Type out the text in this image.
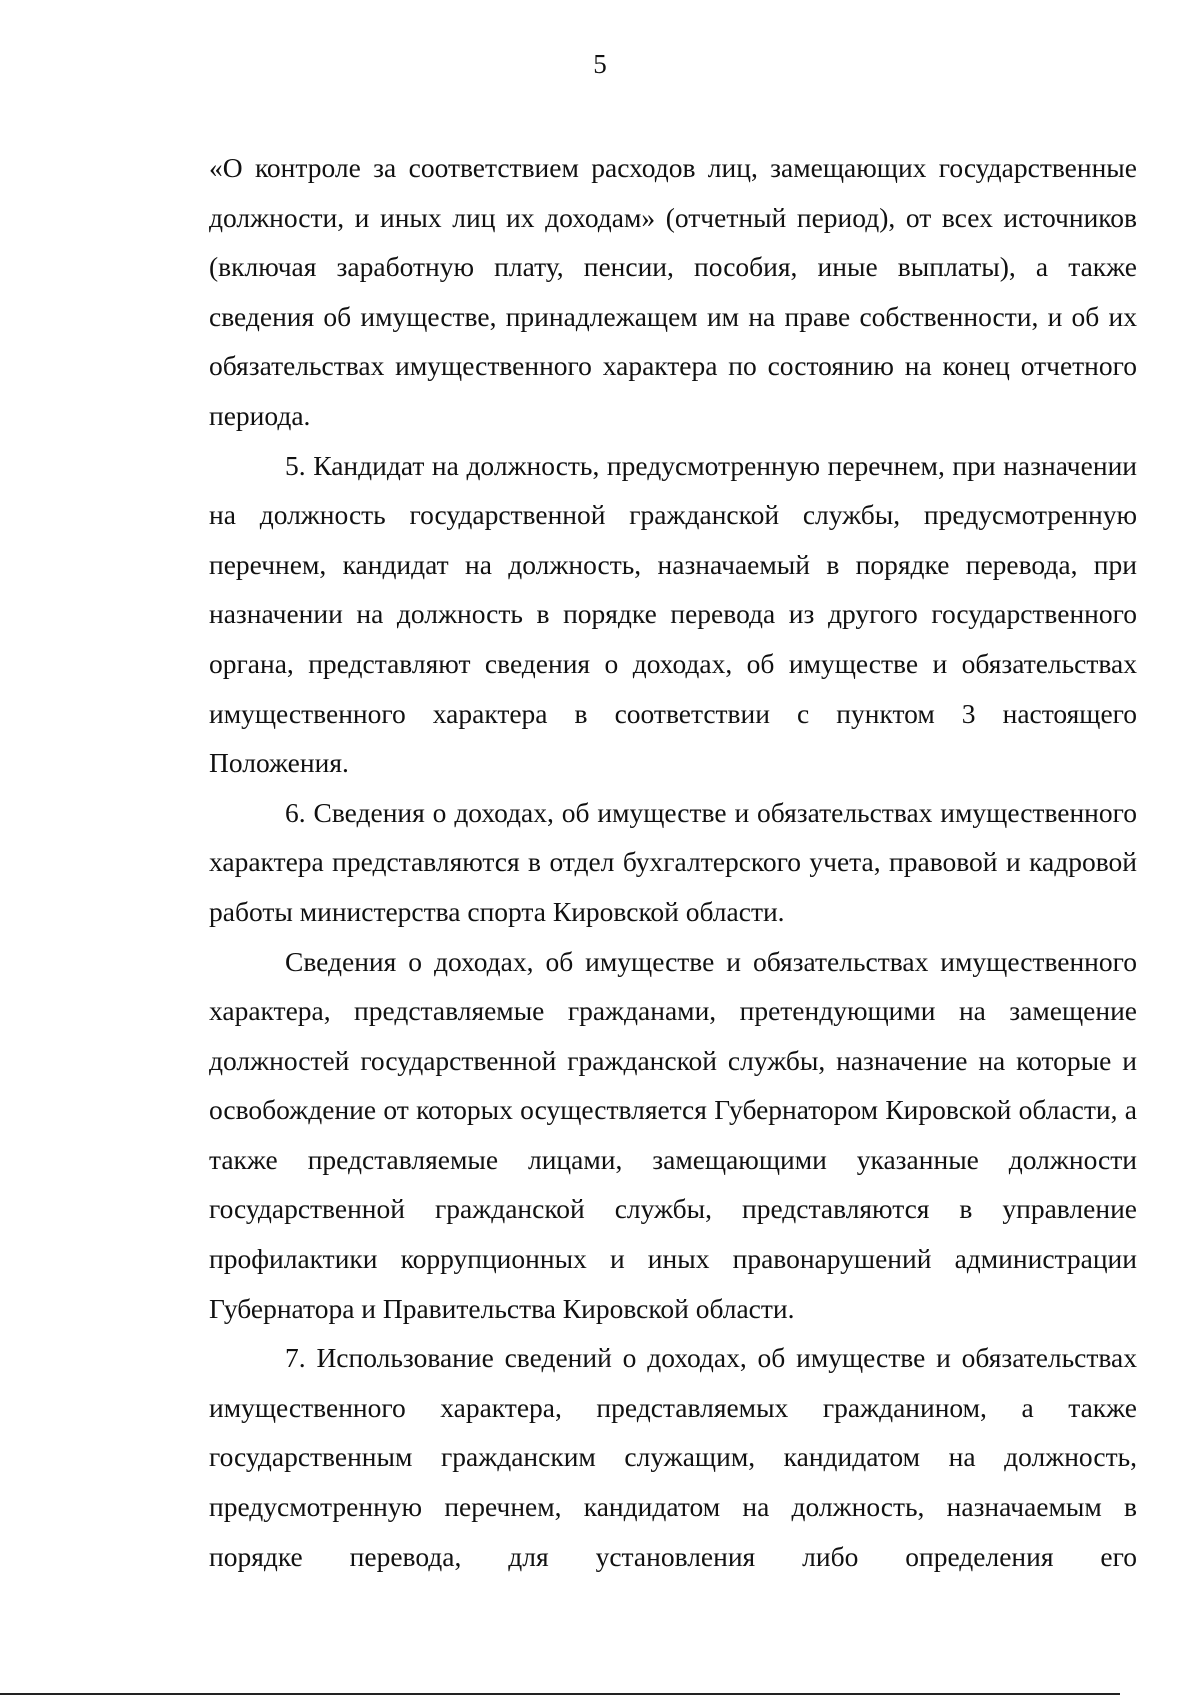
5

«О контроле за соответствием расходов лиц, замещающих государственные должности, и иных лиц их доходам» (отчетный период), от всех источников (включая заработную плату, пенсии, пособия, иные выплаты), а также сведения об имуществе, принадлежащем им на праве собственности, и об их обязательствах имущественного характера по состоянию на конец отчетного периода.

5. Кандидат на должность, предусмотренную перечнем, при назначении на должность государственной гражданской службы, предусмотренную перечнем, кандидат на должность, назначаемый в порядке перевода, при назначении на должность в порядке перевода из другого государственного органа, представляют сведения о доходах, об имуществе и обязательствах имущественного характера в соответствии с пунктом 3 настоящего Положения.

6. Сведения о доходах, об имуществе и обязательствах имущественного характера представляются в отдел бухгалтерского учета, правовой и кадровой работы министерства спорта Кировской области.

Сведения о доходах, об имуществе и обязательствах имущественного характера, представляемые гражданами, претендующими на замещение должностей государственной гражданской службы, назначение на которые и освобождение от которых осуществляется Губернатором Кировской области, а также представляемые лицами, замещающими указанные должности государственной гражданской службы, представляются в управление профилактики коррупционных и иных правонарушений администрации Губернатора и Правительства Кировской области.

7. Использование сведений о доходах, об имуществе и обязательствах имущественного характера, представляемых гражданином, а также государственным гражданским служащим, кандидатом на должность, предусмотренную перечнем, кандидатом на должность, назначаемым в порядке перевода, для установления либо определения его
